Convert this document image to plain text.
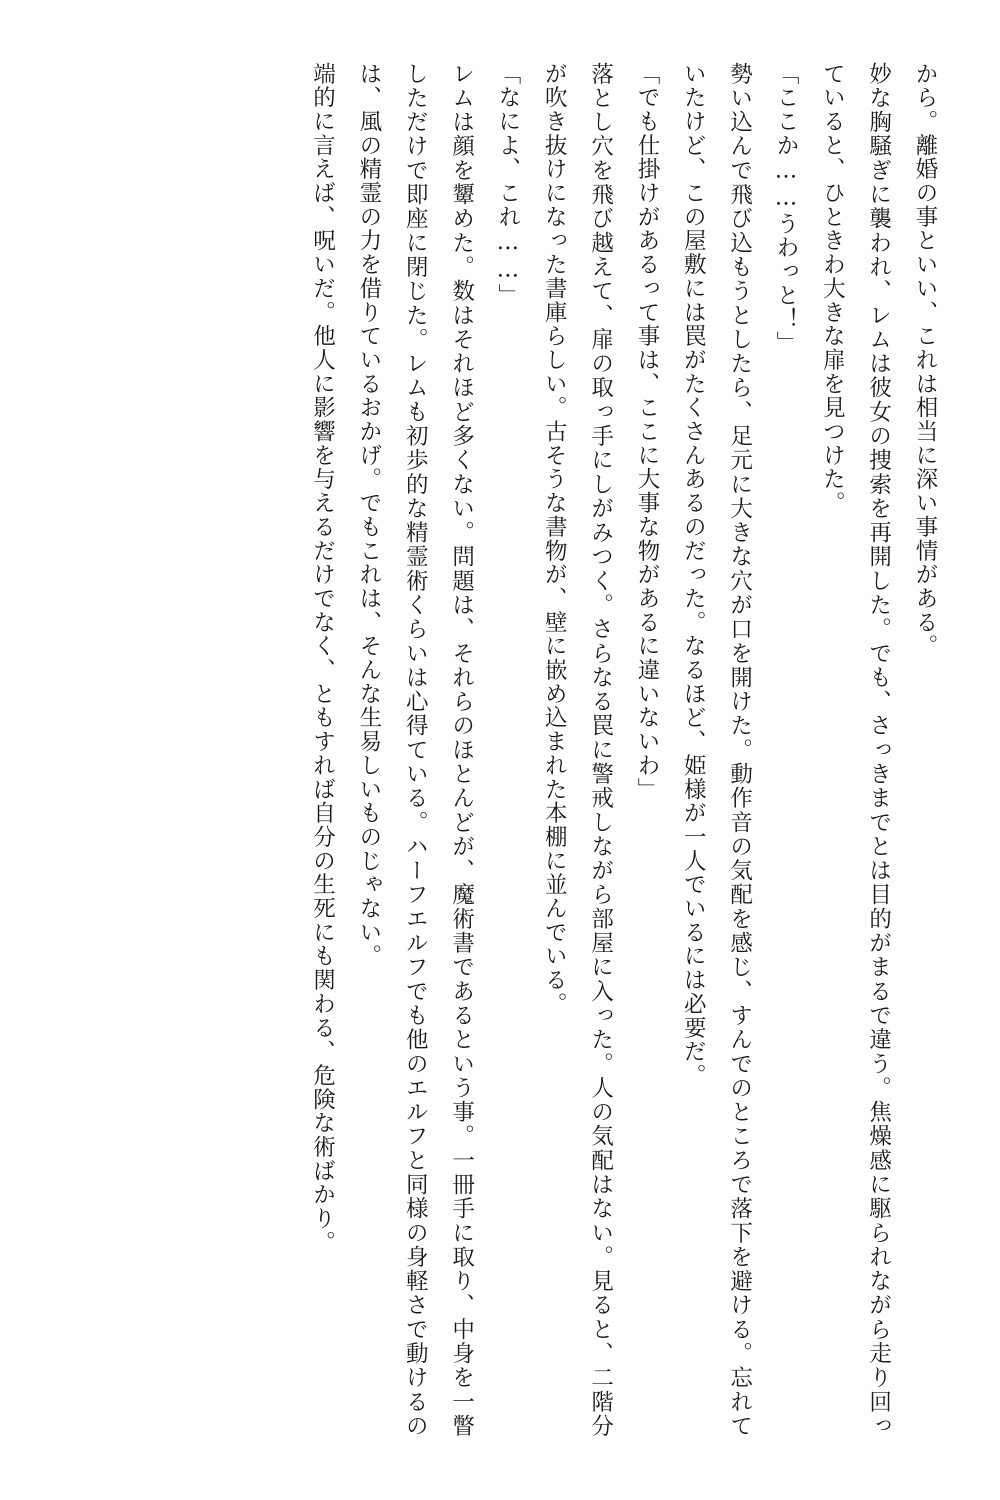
から。離婚の事といい、これは相当に深い事情がある。

妙な胸騒ぎに襲われ、レムは彼女の捜索を再開した。でも、さっきまでとは目的がまるで違う。焦燥感に駆られながら走り回っていると、ひときわ大きな扉を見つけた。

「ここか……うわっと！」

勢い込んで飛び込もうとしたら、足元に大きな穴が口を開けた。動作音の気配を感じ、すんでのところで落下を避ける。忘れていたけど、この屋敷には罠がたくさんあるのだった。なるほど、姫様が一人でいるには必要だ。

「でも仕掛けがあるって事は、ここに大事な物があるに違いないわ」

落とし穴を飛び越えて、扉の取っ手にしがみつく。さらなる罠に警戒しながら部屋に入った。人の気配はない。見ると、二階分が吹き抜けになった書庫らしい。古そうな書物が、壁に嵌め込まれた本棚に並んでいる。

「なによ、これ……」

レムは顔を顰めた。数はそれほど多くない。問題は、それらのほとんどが、魔術書であるという事。一冊手に取り、中身を一瞥しただけで即座に閉じた。レムも初歩的な精霊術くらいは心得ている。ハーフエルフでも他のエルフと同様の身軽さで動けるのは、風の精霊の力を借りているおかげ。でもこれは、そんな生易しいものじゃない。

端的に言えば、呪いだ。他人に影響を与えるだけでなく、ともすれば自分の生死にも関わる、危険な術ばかり。
